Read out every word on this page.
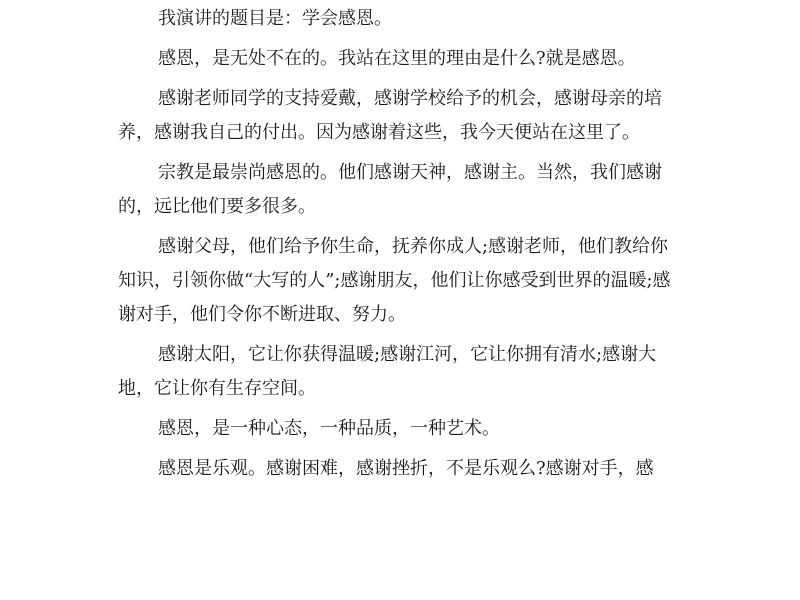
我演讲的题目是：学会感恩。

感恩，是无处不在的。我站在这里的理由是什么?就是感恩。

感谢老师同学的支持爱戴，感谢学校给予的机会，感谢母亲的培养，感谢我自己的付出。因为感谢着这些，我今天便站在这里了。

宗教是最崇尚感恩的。他们感谢天神，感谢主。当然，我们感谢的，远比他们要多很多。

感谢父母，他们给予你生命，抚养你成人;感谢老师，他们教给你知识，引领你做“大写的人”;感谢朋友，他们让你感受到世界的温暖;感谢对手，他们令你不断进取、努力。

感谢太阳，它让你获得温暖;感谢江河，它让你拥有清水;感谢大地，它让你有生存空间。

感恩，是一种心态，一种品质，一种艺术。

感恩是乐观。感谢困难，感谢挫折，不是乐观么?感谢对手，感
